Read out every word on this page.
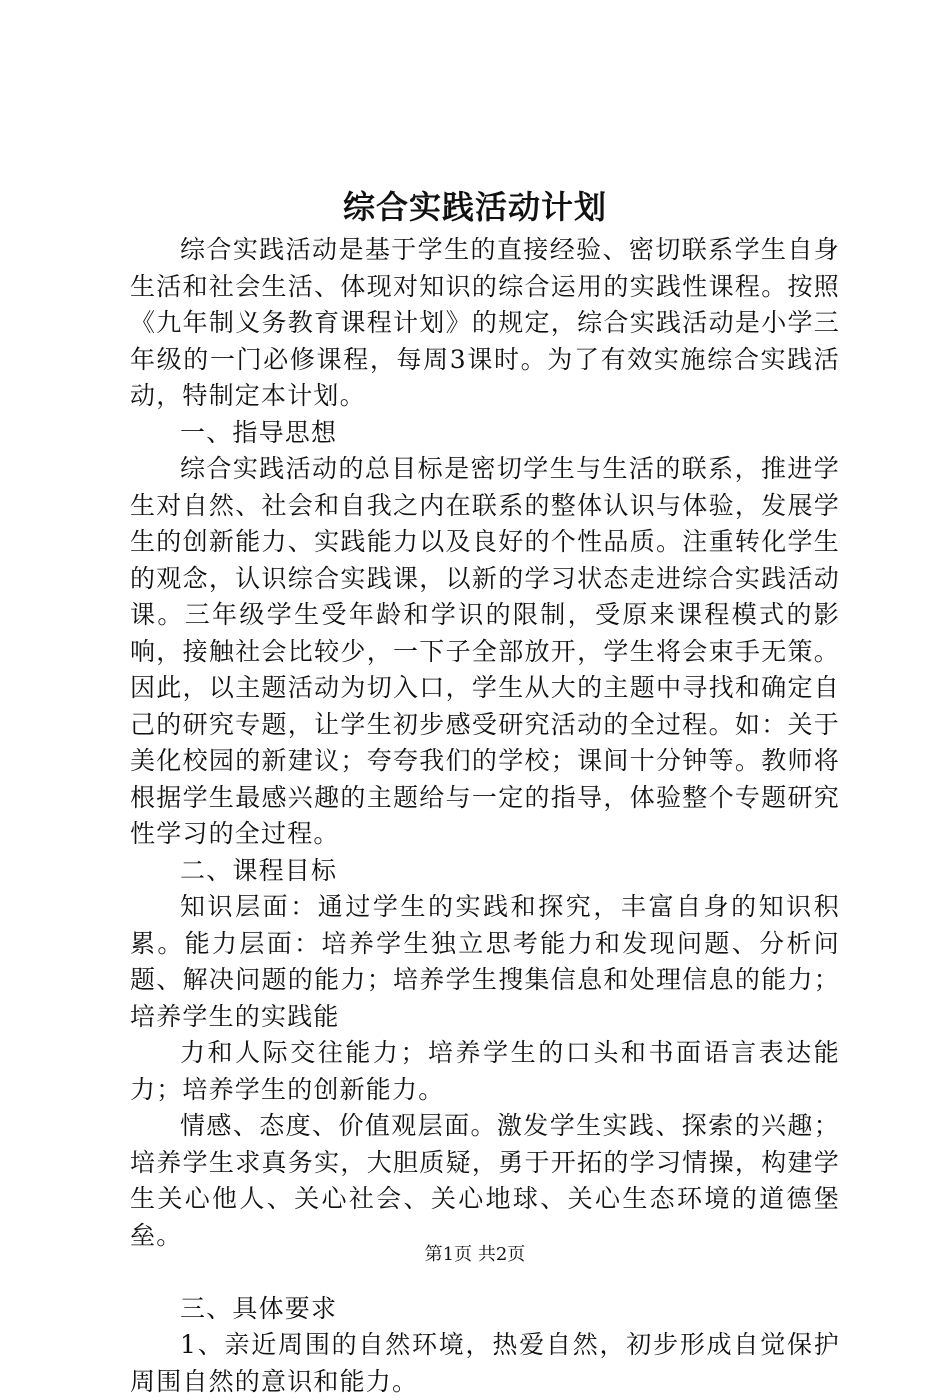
综合实践活动计划

综合实践活动是基于学生的直接经验、密切联系学生自身生活和社会生活、体现对知识的综合运用的实践性课程。按照《九年制义务教育课程计划》的规定，综合实践活动是小学三年级的一门必修课程，每周3课时。为了有效实施综合实践活动，特制定本计划。

一、指导思想

综合实践活动的总目标是密切学生与生活的联系，推进学生对自然、社会和自我之内在联系的整体认识与体验，发展学生的创新能力、实践能力以及良好的个性品质。注重转化学生的观念，认识综合实践课，以新的学习状态走进综合实践活动课。三年级学生受年龄和学识的限制，受原来课程模式的影响，接触社会比较少，一下子全部放开，学生将会束手无策。因此，以主题活动为切入口，学生从大的主题中寻找和确定自己的研究专题，让学生初步感受研究活动的全过程。如：关于美化校园的新建议；夸夸我们的学校；课间十分钟等。教师将根据学生最感兴趣的主题给与一定的指导，体验整个专题研究性学习的全过程。

二、课程目标

知识层面：通过学生的实践和探究，丰富自身的知识积累。能力层面：培养学生独立思考能力和发现问题、分析问题、解决问题的能力；培养学生搜集信息和处理信息的能力；培养学生的实践能

力和人际交往能力；培养学生的口头和书面语言表达能力；培养学生的创新能力。

情感、态度、价值观层面。激发学生实践、探索的兴趣；培养学生求真务实，大胆质疑，勇于开拓的学习情操，构建学生关心他人、关心社会、关心地球、关心生态环境的道德堡垒。

三、具体要求

1、亲近周围的自然环境，热爱自然，初步形成自觉保护周围自然的意识和能力。

第1页 共2页
